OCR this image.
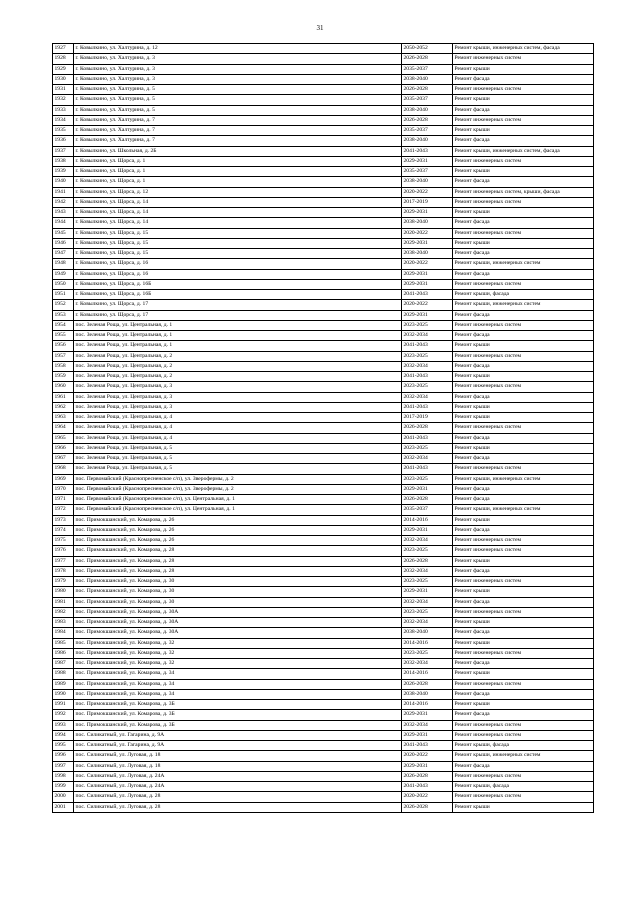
31
1927	г. Ковылкино, ул. Халтурина, д. 12	2050-2052	Ремонт крыши, инженерных систем, фасада
1928	г. Ковылкино, ул. Халтурина, д. 3	2026-2028	Ремонт инженерных систем
1929	г. Ковылкино, ул. Халтурина, д. 3	2035-2037	Ремонт крыши
1930	г. Ковылкино, ул. Халтурина, д. 3	2038-2040	Ремонт фасада
1931	г. Ковылкино, ул. Халтурина, д. 5	2026-2028	Ремонт инженерных систем
1932	г. Ковылкино, ул. Халтурина, д. 5	2035-2037	Ремонт крыши
1933	г. Ковылкино, ул. Халтурина, д. 5	2038-2040	Ремонт фасада
1934	г. Ковылкино, ул. Халтурина, д. 7	2026-2028	Ремонт инженерных систем
1935	г. Ковылкино, ул. Халтурина, д. 7	2035-2037	Ремонт крыши
1936	г. Ковылкино, ул. Халтурина, д. 7	2038-2040	Ремонт фасада
1937	г. Ковылкино, ул. Школьная, д. 2Б	2041-2043	Ремонт крыши, инженерных систем, фасада
1938	г. Ковылкино, ул. Щорса, д. 1	2029-2031	Ремонт инженерных систем
1939	г. Ковылкино, ул. Щорса, д. 1	2035-2037	Ремонт крыши
1940	г. Ковылкино, ул. Щорса, д. 1	2038-2040	Ремонт фасада
1941	г. Ковылкино, ул. Щорса, д. 12	2020-2022	Ремонт инженерных систем, крыши, фасада
1942	г. Ковылкино, ул. Щорса, д. 14	2017-2019	Ремонт инженерных систем
1943	г. Ковылкино, ул. Щорса, д. 14	2029-2031	Ремонт крыши
1944	г. Ковылкино, ул. Щорса, д. 14	2038-2040	Ремонт фасада
1945	г. Ковылкино, ул. Щорса, д. 15	2020-2022	Ремонт инженерных систем
1946	г. Ковылкино, ул. Щорса, д. 15	2029-2031	Ремонт крыши
1947	г. Ковылкино, ул. Щорса, д. 15	2038-2040	Ремонт фасада
1948	г. Ковылкино, ул. Щорса, д. 16	2020-2022	Ремонт крыши, инженерных систем
1949	г. Ковылкино, ул. Щорса, д. 16	2029-2031	Ремонт фасада
1950	г. Ковылкино, ул. Щорса, д. 16Б	2029-2031	Ремонт инженерных систем
1951	г. Ковылкино, ул. Щорса, д. 16Б	2041-2043	Ремонт крыши, фасада
1952	г. Ковылкино, ул. Щорса, д. 17	2020-2022	Ремонт крыши, инженерных систем
1953	г. Ковылкино, ул. Щорса, д. 17	2029-2031	Ремонт фасада
1954	пос. Зеленая Роща, ул. Центральная, д. 1	2023-2025	Ремонт инженерных систем
1955	пос. Зеленая Роща, ул. Центральная, д. 1	2032-2034	Ремонт фасада
1956	пос. Зеленая Роща, ул. Центральная, д. 1	2041-2043	Ремонт крыши
1957	пос. Зеленая Роща, ул. Центральная, д. 2	2023-2025	Ремонт инженерных систем
1958	пос. Зеленая Роща, ул. Центральная, д. 2	2032-2034	Ремонт фасада
1959	пос. Зеленая Роща, ул. Центральная, д. 2	2041-2043	Ремонт крыши
1960	пос. Зеленая Роща, ул. Центральная, д. 3	2023-2025	Ремонт инженерных систем
1961	пос. Зеленая Роща, ул. Центральная, д. 3	2032-2034	Ремонт фасада
1962	пос. Зеленая Роща, ул. Центральная, д. 3	2041-2043	Ремонт крыши
1963	пос. Зеленая Роща, ул. Центральная, д. 4	2017-2019	Ремонт крыши
1964	пос. Зеленая Роща, ул. Центральная, д. 4	2026-2028	Ремонт инженерных систем
1965	пос. Зеленая Роща, ул. Центральная, д. 4	2041-2043	Ремонт фасада
1966	пос. Зеленая Роща, ул. Центральная, д. 5	2023-2025	Ремонт крыши
1967	пос. Зеленая Роща, ул. Центральная, д. 5	2032-2034	Ремонт фасада
1968	пос. Зеленая Роща, ул. Центральная, д. 5	2041-2043	Ремонт инженерных систем
1969	пос. Первомайский (Краснопресненское с/п), ул. Зверофермы, д. 2	2023-2025	Ремонт крыши, инженерных систем
1970	пос. Первомайский (Краснопресненское с/п), ул. Зверофермы, д. 2	2029-2031	Ремонт фасада
1971	пос. Первомайский (Краснопресненское с/п), ул. Центральная, д. 1	2026-2028	Ремонт фасада
1972	пос. Первомайский (Краснопресненское с/п), ул. Центральная, д. 1	2035-2037	Ремонт крыши, инженерных систем
1973	пос. Примокшанский, ул. Комарова, д. 26	2014-2016	Ремонт крыши
1974	пос. Примокшанский, ул. Комарова, д. 26	2029-2031	Ремонт фасада
1975	пос. Примокшанский, ул. Комарова, д. 26	2032-2034	Ремонт инженерных систем
1976	пос. Примокшанский, ул. Комарова, д. 28	2023-2025	Ремонт инженерных систем
1977	пос. Примокшанский, ул. Комарова, д. 28	2026-2028	Ремонт крыши
1978	пос. Примокшанский, ул. Комарова, д. 28	2032-2034	Ремонт фасада
1979	пос. Примокшанский, ул. Комарова, д. 30	2023-2025	Ремонт инженерных систем
1980	пос. Примокшанский, ул. Комарова, д. 30	2029-2031	Ремонт крыши
1981	пос. Примокшанский, ул. Комарова, д. 30	2032-2034	Ремонт фасада
1982	пос. Примокшанский, ул. Комарова, д. 30А	2023-2025	Ремонт инженерных систем
1983	пос. Примокшанский, ул. Комарова, д. 30А	2032-2034	Ремонт крыши
1984	пос. Примокшанский, ул. Комарова, д. 30А	2038-2040	Ремонт фасада
1985	пос. Примокшанский, ул. Комарова, д. 32	2014-2016	Ремонт крыши
1986	пос. Примокшанский, ул. Комарова, д. 32	2023-2025	Ремонт инженерных систем
1987	пос. Примокшанский, ул. Комарова, д. 32	2032-2034	Ремонт фасада
1988	пос. Примокшанский, ул. Комарова, д. 34	2014-2016	Ремонт крыши
1989	пос. Примокшанский, ул. Комарова, д. 34	2026-2028	Ремонт инженерных систем
1990	пос. Примокшанский, ул. Комарова, д. 34	2038-2040	Ремонт фасада
1991	пос. Примокшанский, ул. Комарова, д. 3Б	2014-2016	Ремонт крыши
1992	пос. Примокшанский, ул. Комарова, д. 3Б	2029-2031	Ремонт фасада
1993	пос. Примокшанский, ул. Комарова, д. 3Б	2032-2034	Ремонт инженерных систем
1994	пос. Силикатный, ул. Гагарина, д. 9А	2029-2031	Ремонт инженерных систем
1995	пос. Силикатный, ул. Гагарина, д. 9А	2041-2043	Ремонт крыши, фасада
1996	пос. Силикатный, ул. Луговая, д. 18	2020-2022	Ремонт крыши, инженерных систем
1997	пос. Силикатный, ул. Луговая, д. 18	2029-2031	Ремонт фасада
1998	пос. Силикатный, ул. Луговая, д. 24А	2026-2028	Ремонт инженерных систем
1999	пос. Силикатный, ул. Луговая, д. 24А	2041-2043	Ремонт крыши, фасада
2000	пос. Силикатный, ул. Луговая, д. 28	2020-2022	Ремонт инженерных систем
2001	пос. Силикатный, ул. Луговая, д. 28	2026-2028	Ремонт крыши
